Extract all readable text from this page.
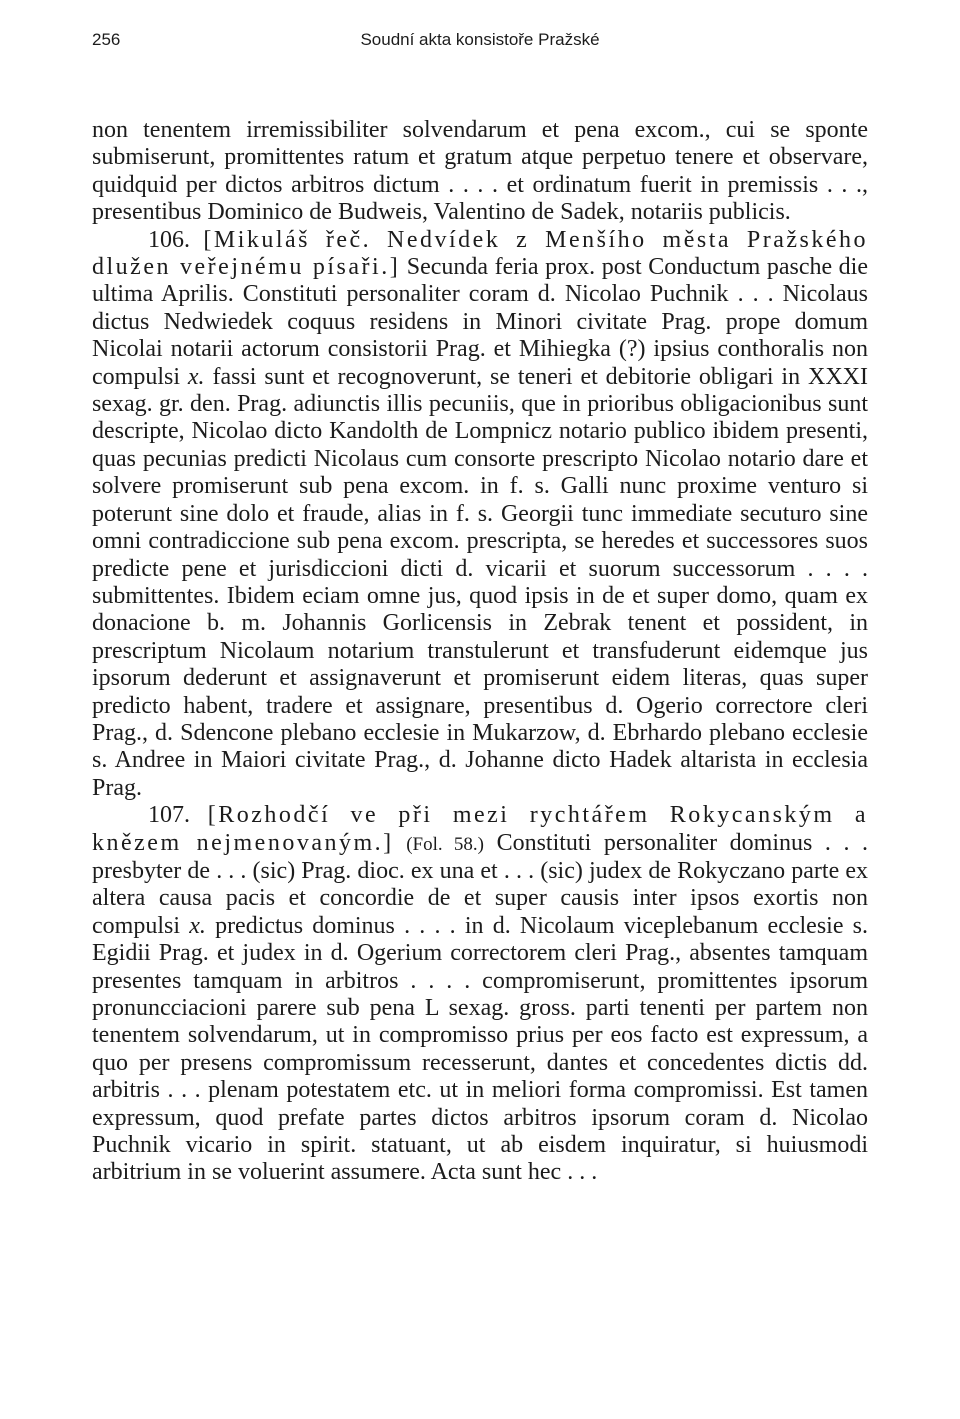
256	Soudní akta konsistoře Pražské

non tenentem irremissibiliter solvendarum et pena excom., cui se sponte submiserunt, promittentes ratum et gratum atque perpetuo tenere et observare, quidquid per dictos arbitros dictum . . . . et ordinatum fuerit in premissis . . ., presentibus Dominico de Budweis, Valentino de Sadek, notariis publicis.

106. [Mikuláš řeč. Nedvídek z Menšího města Pražského dlužen veřejnému písaři.] Secunda feria prox. post Conductum pasche die ultima Aprilis. Constituti personaliter coram d. Nicolao Puchnik . . . Nicolaus dictus Nedwiedek coquus residens in Minori civitate Prag. prope domum Nicolai notarii actorum consistorii Prag. et Mihiegka (?) ipsius conthoralis non compulsi x. fassi sunt et recognoverunt, se teneri et debitorie obligari in XXXI sexag. gr. den. Prag. adiunctis illis pecuniis, que in prioribus obligacionibus sunt descripte, Nicolao dicto Kandolth de Lompnicz notario publico ibidem presenti, quas pecunias predicti Nicolaus cum consorte prescripto Nicolao notario dare et solvere promiserunt sub pena excom. in f. s. Galli nunc proxime venturo si poterunt sine dolo et fraude, alias in f. s. Georgii tunc immediate secuturo sine omni contradiccione sub pena excom. prescripta, se heredes et successores suos predicte pene et jurisdiccioni dicti d. vicarii et suorum successorum . . . . submittentes. Ibidem eciam omne jus, quod ipsis in de et super domo, quam ex donacione b. m. Johannis Gorlicensis in Zebrak tenent et possident, in prescriptum Nicolaum notarium transtulerunt et transfuderunt eidemque jus ipsorum dederunt et assignaverunt et promiserunt eidem literas, quas super predicto habent, tradere et assignare, presentibus d. Ogerio correctore cleri Prag., d. Sdencone plebano ecclesie in Mukarzow, d. Ebrhardo plebano ecclesie s. Andree in Maiori civitate Prag., d. Johanne dicto Hadek altarista in ecclesia Prag.

107. [Rozhodčí ve při mezi rychtářem Rokycanským a knězem nejmenovaným.] (Fol. 58.) Constituti personaliter dominus . . . presbyter de . . . (sic) Prag. dioc. ex una et . . . (sic) judex de Rokyczano parte ex altera causa pacis et concordie de et super causis inter ipsos exortis non compulsi x. predictus dominus . . . . in d. Nicolaum viceplebanum ecclesie s. Egidii Prag. et judex in d. Ogerium correctorem cleri Prag., absentes tamquam presentes tamquam in arbitros . . . . compromiserunt, promittentes ipsorum pronuncciacioni parere sub pena L sexag. gross. parti tenenti per partem non tenentem solvendarum, ut in compromisso prius per eos facto est expressum, a quo per presens compromissum recesserunt, dantes et concedentes dictis dd. arbitris . . . plenam potestatem etc. ut in meliori forma compromissi. Est tamen expressum, quod prefate partes dictos arbitros ipsorum coram d. Nicolao Puchnik vicario in spirit. statuant, ut ab eisdem inquiratur, si huiusmodi arbitrium in se voluerint assumere. Acta sunt hec . . .
